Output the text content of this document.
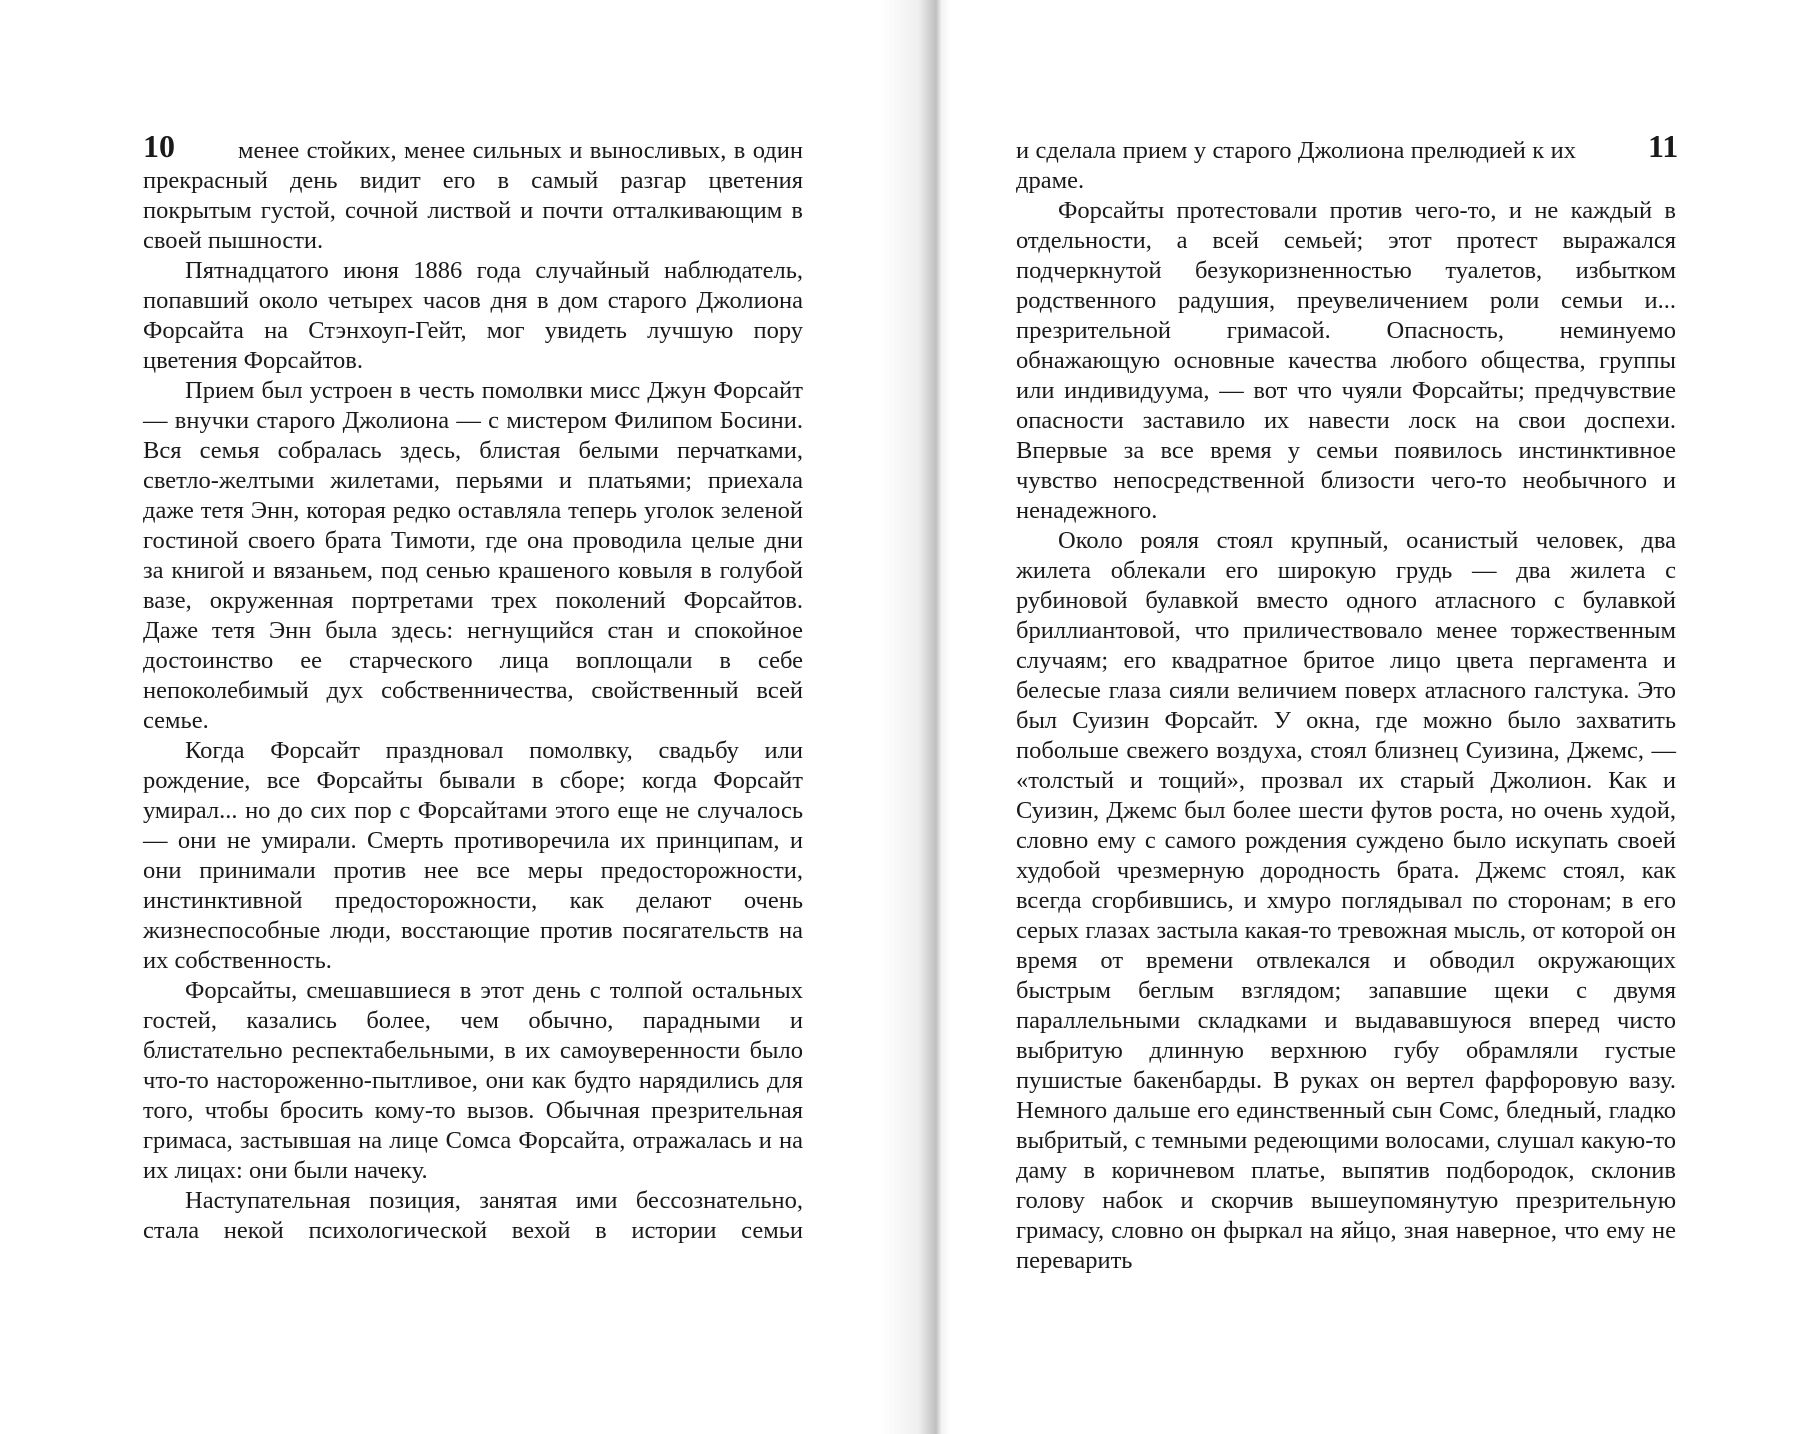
10	менее стойких, менее сильных и выносливых, в один прекрасный день видит его в самый разгар цветения покрытым густой, сочной листвой и почти отталкивающим в своей пышности.

Пятнадцатого июня 1886 года случайный наблюдатель, попавший около четырех часов дня в дом старого Джолиона Форсайта на Стэнхоуп-Гейт, мог увидеть лучшую пору цветения Форсайтов.

Прием был устроен в честь помолвки мисс Джун Форсайт — внучки старого Джолиона — с мистером Филипом Босини. Вся семья собралась здесь, блистая белыми перчатками, светло-желтыми жилетами, перьями и платьями; приехала даже тетя Энн, которая редко оставляла теперь уголок зеленой гостиной своего брата Тимоти, где она проводила целые дни за книгой и вязаньем, под сенью крашеного ковыля в голубой вазе, окруженная портретами трех поколений Форсайтов. Даже тетя Энн была здесь: негнущийся стан и спокойное достоинство ее старческого лица воплощали в себе непоколебимый дух собственничества, свойственный всей семье.

Когда Форсайт праздновал помолвку, свадьбу или рождение, все Форсайты бывали в сборе; когда Форсайт умирал... но до сих пор с Форсайтами этого еще не случалось — они не умирали. Смерть противоречила их принципам, и они принимали против нее все меры предосторожности, инстинктивной предосторожности, как делают очень жизнеспособные люди, восстающие против посягательств на их собственность.

Форсайты, смешавшиеся в этот день с толпой остальных гостей, казались более, чем обычно, парадными и блистательно респектабельными, в их самоуверенности было что-то настороженно-пытливое, они как будто нарядились для того, чтобы бросить кому-то вызов. Обычная презрительная гримаса, застывшая на лице Сомса Форсайта, отражалась и на их лицах: они были начеку.

Наступательная позиция, занятая ими бессознательно, стала некой психологической вехой в истории семьи

11

и сделала прием у старого Джолиона прелюдией к их драме.

Форсайты протестовали против чего-то, и не каждый в отдельности, а всей семьей; этот протест выражался подчеркнутой безукоризненностью туалетов, избытком родственного радушия, преувеличением роли семьи и... презрительной гримасой. Опасность, неминуемо обнажающую основные качества любого общества, группы или индивидуума, — вот что чуяли Форсайты; предчувствие опасности заставило их навести лоск на свои доспехи. Впервые за все время у семьи появилось инстинктивное чувство непосредственной близости чего-то необычного и ненадежного.

Около рояля стоял крупный, осанистый человек, два жилета облекали его широкую грудь — два жилета с рубиновой булавкой вместо одного атласного с булавкой бриллиантовой, что приличествовало менее торжественным случаям; его квадратное бритое лицо цвета пергамента и белесые глаза сияли величием поверх атласного галстука. Это был Суизин Форсайт. У окна, где можно было захватить побольше свежего воздуха, стоял близнец Суизина, Джемс, — «толстый и тощий», прозвал их старый Джолион. Как и Суизин, Джемс был более шести футов роста, но очень худой, словно ему с самого рождения суждено было искупать своей худобой чрезмерную дородность брата. Джемс стоял, как всегда сгорбившись, и хмуро поглядывал по сторонам; в его серых глазах застыла какая-то тревожная мысль, от которой он время от времени отвлекался и обводил окружающих быстрым беглым взглядом; запавшие щеки с двумя параллельными складками и выдававшуюся вперед чисто выбритую длинную верхнюю губу обрамляли густые пушистые бакенбарды. В руках он вертел фарфоровую вазу. Немного дальше его единственный сын Сомс, бледный, гладко выбритый, с темными редеющими волосами, слушал какую-то даму в коричневом платье, выпятив подбородок, склонив голову набок и скорчив вышеупомянутую презрительную гримасу, словно он фыркал на яйцо, зная наверное, что ему не переварить
